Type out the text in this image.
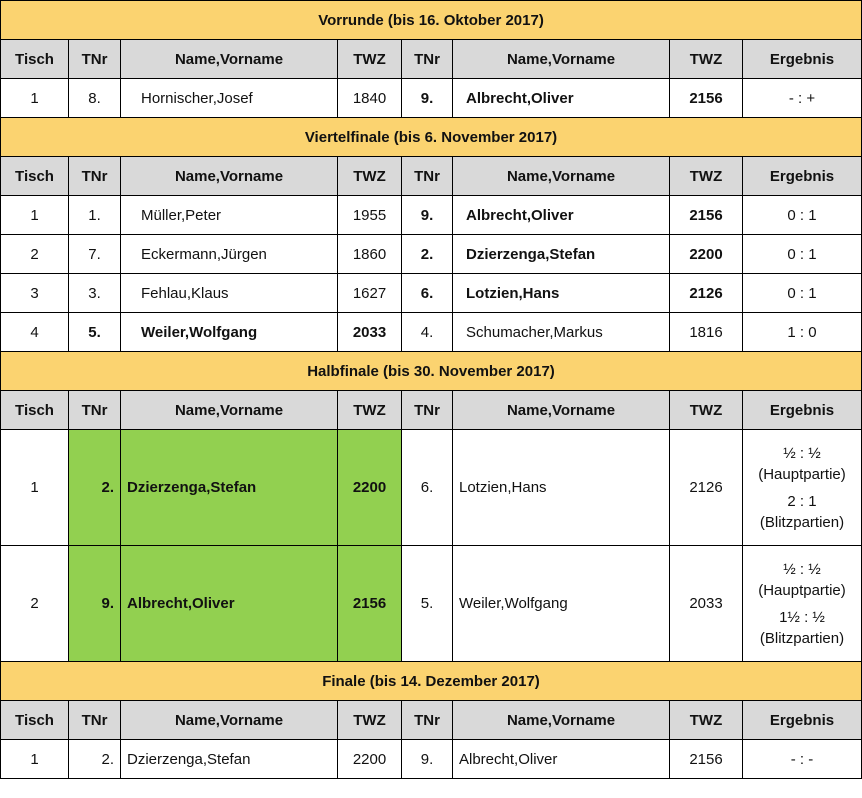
Vorrunde (bis 16. Oktober 2017)							
Tisch	TNr	Name,Vorname	TWZ	TNr	Name,Vorname	TWZ	Ergebnis
1	8.	Hornischer,Josef	1840	9.	Albrecht,Oliver	2156	- : +
Viertelfinale (bis 6. November 2017)							
Tisch	TNr	Name,Vorname	TWZ	TNr	Name,Vorname	TWZ	Ergebnis
1	1.	Müller,Peter	1955	9.	Albrecht,Oliver	2156	0 : 1
2	7.	Eckermann,Jürgen	1860	2.	Dzierzenga,Stefan	2200	0 : 1
3	3.	Fehlau,Klaus	1627	6.	Lotzien,Hans	2126	0 : 1
4	5.	Weiler,Wolfgang	2033	4.	Schumacher,Markus	1816	1 : 0
Halbfinale (bis 30. November 2017)							
Tisch	TNr	Name,Vorname	TWZ	TNr	Name,Vorname	TWZ	Ergebnis
1	2.	Dzierzenga,Stefan	2200	6.	Lotzien,Hans	2126	½ : ½
(Hauptpartie)
2 : 1
(Blitzpartien)

2	9.	Albrecht,Oliver	2156	5.	Weiler,Wolfgang	2033	½ : ½
(Hauptpartie)
1½ : ½
(Blitzpartien)

Finale (bis 14. Dezember 2017)							
Tisch	TNr	Name,Vorname	TWZ	TNr	Name,Vorname	TWZ	Ergebnis
1	2.	Dzierzenga,Stefan	2200	9.	Albrecht,Oliver	2156	- : -
